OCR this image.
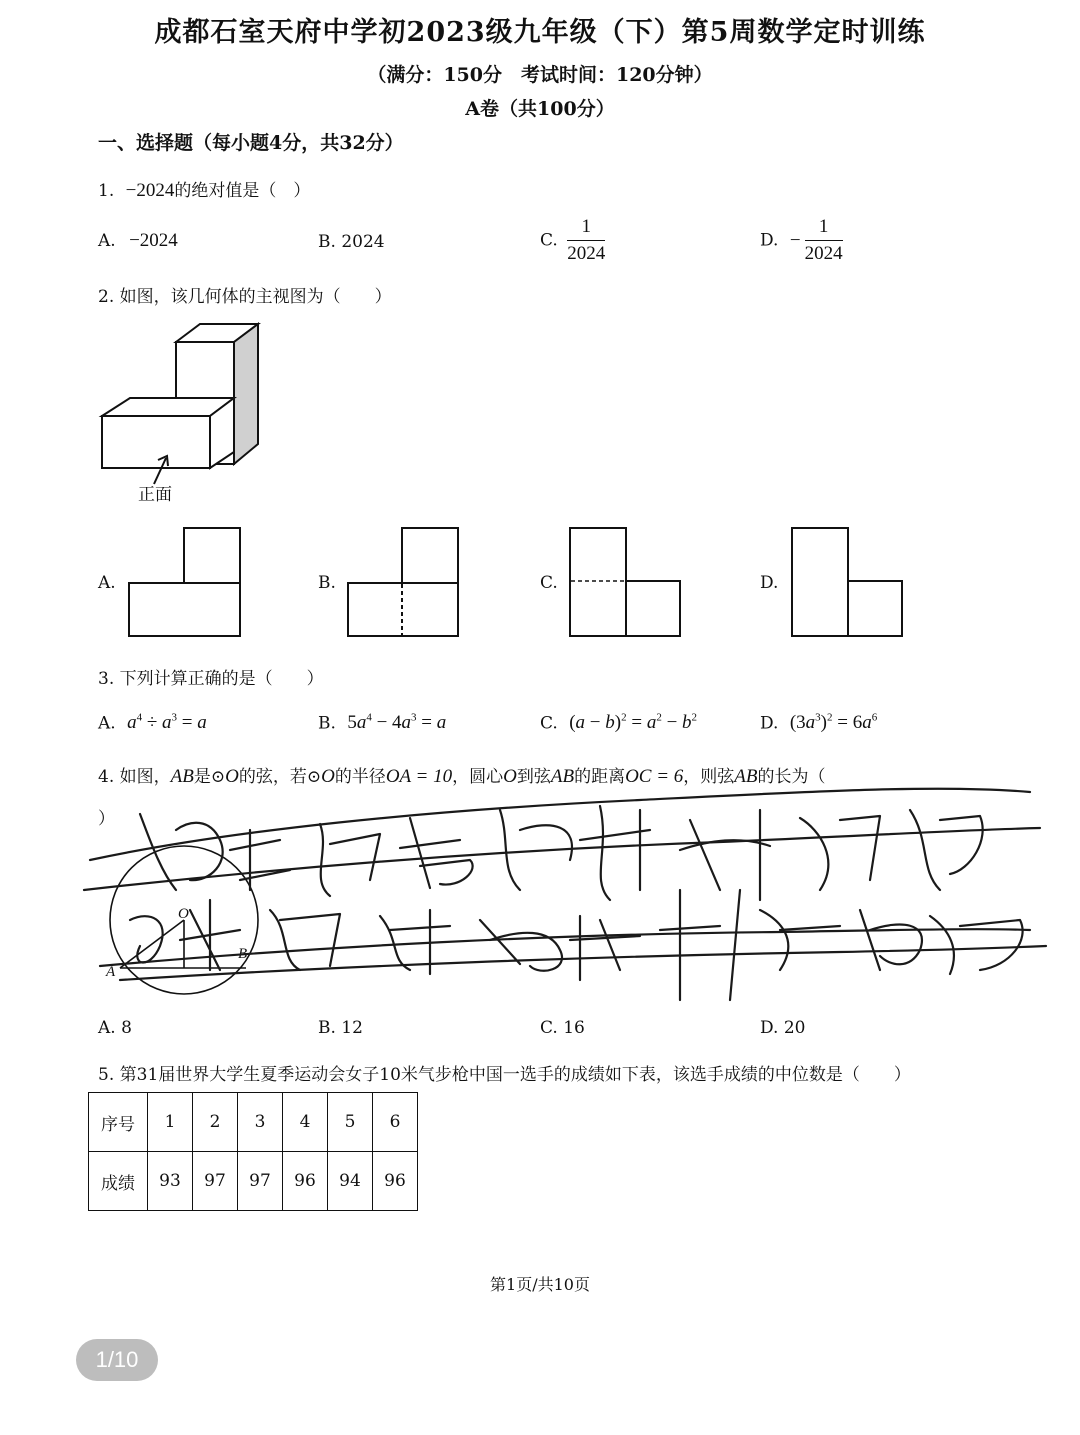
成都石室天府中学初2023级九年级（下）第5周数学定时训练
（满分：150分　考试时间：120分钟）
A卷（共100分）
一、选择题（每小题4分，共32分）
1. −2024的绝对值是（　）
A. −2024	B. 2024	C. $\frac{1}{2024}$	D. − $\frac{1}{2024}$
2. 如图，该几何体的主视图为（　　）
正面
A.	B.	C.	D.
3. 下列计算正确的是（　　）
A. $a^4 \div a^3 = a$	B. $5a^4 - 4a^3 = a$	C. $(a - b)^2 = a^2 - b^2$	D. $(3a^3)^2 = 6a^6$
4. 如图，AB是⊙O的弦，若⊙O的半径OA = 10，圆心O到弦AB的距离OC = 6，则弦AB的长为（
）
O
A
B
A. 8	B. 12	C. 16	D. 20
5. 第31届世界大学生夏季运动会女子10米气步枪中国一选手的成绩如下表，该选手成绩的中位数是（　　）
序号	1	2	3	4	5	6
成绩	93	97	97	96	94	96
第1页/共10页
1/10
